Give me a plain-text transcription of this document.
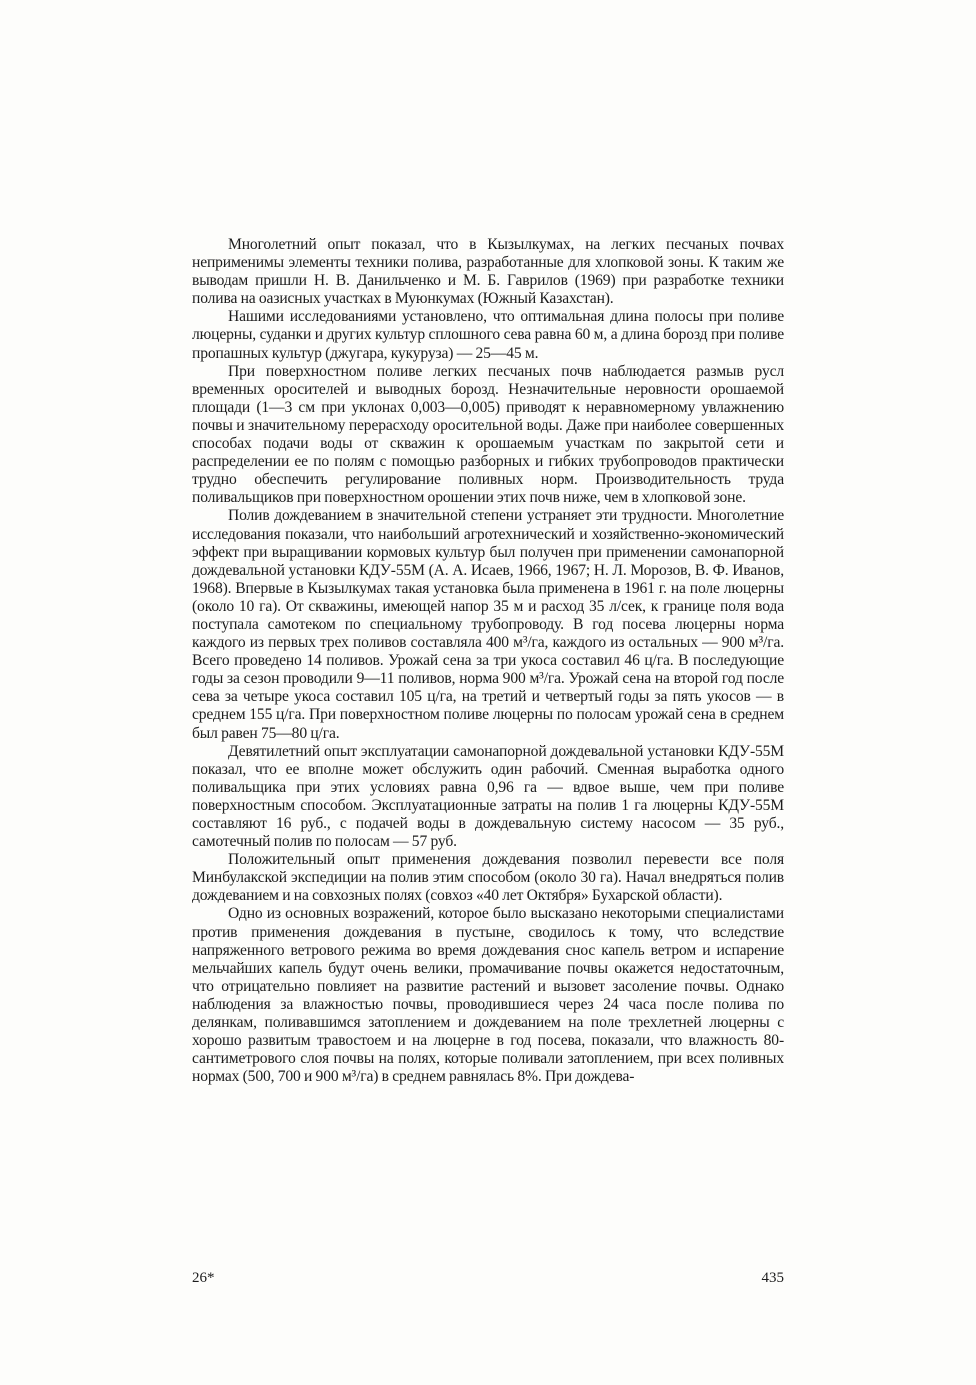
Многолетний опыт показал, что в Кызылкумах, на легких песчаных почвах неприменимы элементы техники полива, разработанные для хлопковой зоны. К таким же выводам пришли Н. В. Данильченко и М. Б. Гаврилов (1969) при разработке техники полива на оазисных участках в Муюнкумах (Южный Казахстан).

Нашими исследованиями установлено, что оптимальная длина полосы при поливе люцерны, суданки и других культур сплошного сева равна 60 м, а длина борозд при поливе пропашных культур (джугара, кукуруза) — 25—45 м.

При поверхностном поливе легких песчаных почв наблюдается размыв русл временных оросителей и выводных борозд. Незначительные неровности орошаемой площади (1—3 см при уклонах 0,003—0,005) приводят к неравномерному увлажнению почвы и значительному перерасходу оросительной воды. Даже при наиболее совершенных способах подачи воды от скважин к орошаемым участкам по закрытой сети и распределении ее по полям с помощью разборных и гибких трубопроводов практически трудно обеспечить регулирование поливных норм. Производительность труда поливальщиков при поверхностном орошении этих почв ниже, чем в хлопковой зоне.

Полив дождеванием в значительной степени устраняет эти трудности. Многолетние исследования показали, что наибольший агротехнический и хозяйственно-экономический эффект при выращивании кормовых культур был получен при применении самонапорной дождевальной установки КДУ-55М (А. А. Исаев, 1966, 1967; Н. Л. Морозов, В. Ф. Иванов, 1968). Впервые в Кызылкумах такая установка была применена в 1961 г. на поле люцерны (около 10 га). От скважины, имеющей напор 35 м и расход 35 л/сек, к границе поля вода поступала самотеком по специальному трубопроводу. В год посева люцерны норма каждого из первых трех поливов составляла 400 м³/га, каждого из остальных — 900 м³/га. Всего проведено 14 поливов. Урожай сена за три укоса составил 46 ц/га. В последующие годы за сезон проводили 9—11 поливов, норма 900 м³/га. Урожай сена на второй год после сева за четыре укоса составил 105 ц/га, на третий и четвертый годы за пять укосов — в среднем 155 ц/га. При поверхностном поливе люцерны по полосам урожай сена в среднем был равен 75—80 ц/га.

Девятилетний опыт эксплуатации самонапорной дождевальной установки КДУ-55М показал, что ее вполне может обслужить один рабочий. Сменная выработка одного поливальщика при этих условиях равна 0,96 га — вдвое выше, чем при поливе поверхностным способом. Эксплуатационные затраты на полив 1 га люцерны КДУ-55М составляют 16 руб., с подачей воды в дождевальную систему насосом — 35 руб., самотечный полив по полосам — 57 руб.

Положительный опыт применения дождевания позволил перевести все поля Минбулакской экспедиции на полив этим способом (около 30 га). Начал внедряться полив дождеванием и на совхозных полях (совхоз «40 лет Октября» Бухарской области).

Одно из основных возражений, которое было высказано некоторыми специалистами против применения дождевания в пустыне, сводилось к тому, что вследствие напряженного ветрового режима во время дождевания снос капель ветром и испарение мельчайших капель будут очень велики, промачивание почвы окажется недостаточным, что отрицательно повлияет на развитие растений и вызовет засоление почвы. Однако наблюдения за влажностью почвы, проводившиеся через 24 часа после полива по делянкам, поливавшимся затоплением и дождеванием на поле трехлетней люцерны с хорошо развитым травостоем и на люцерне в год посева, показали, что влажность 80-сантиметрового слоя почвы на полях, которые поливали затоплением, при всех поливных нормах (500, 700 и 900 м³/га) в среднем равнялась 8%. При дождева-

26*	435
